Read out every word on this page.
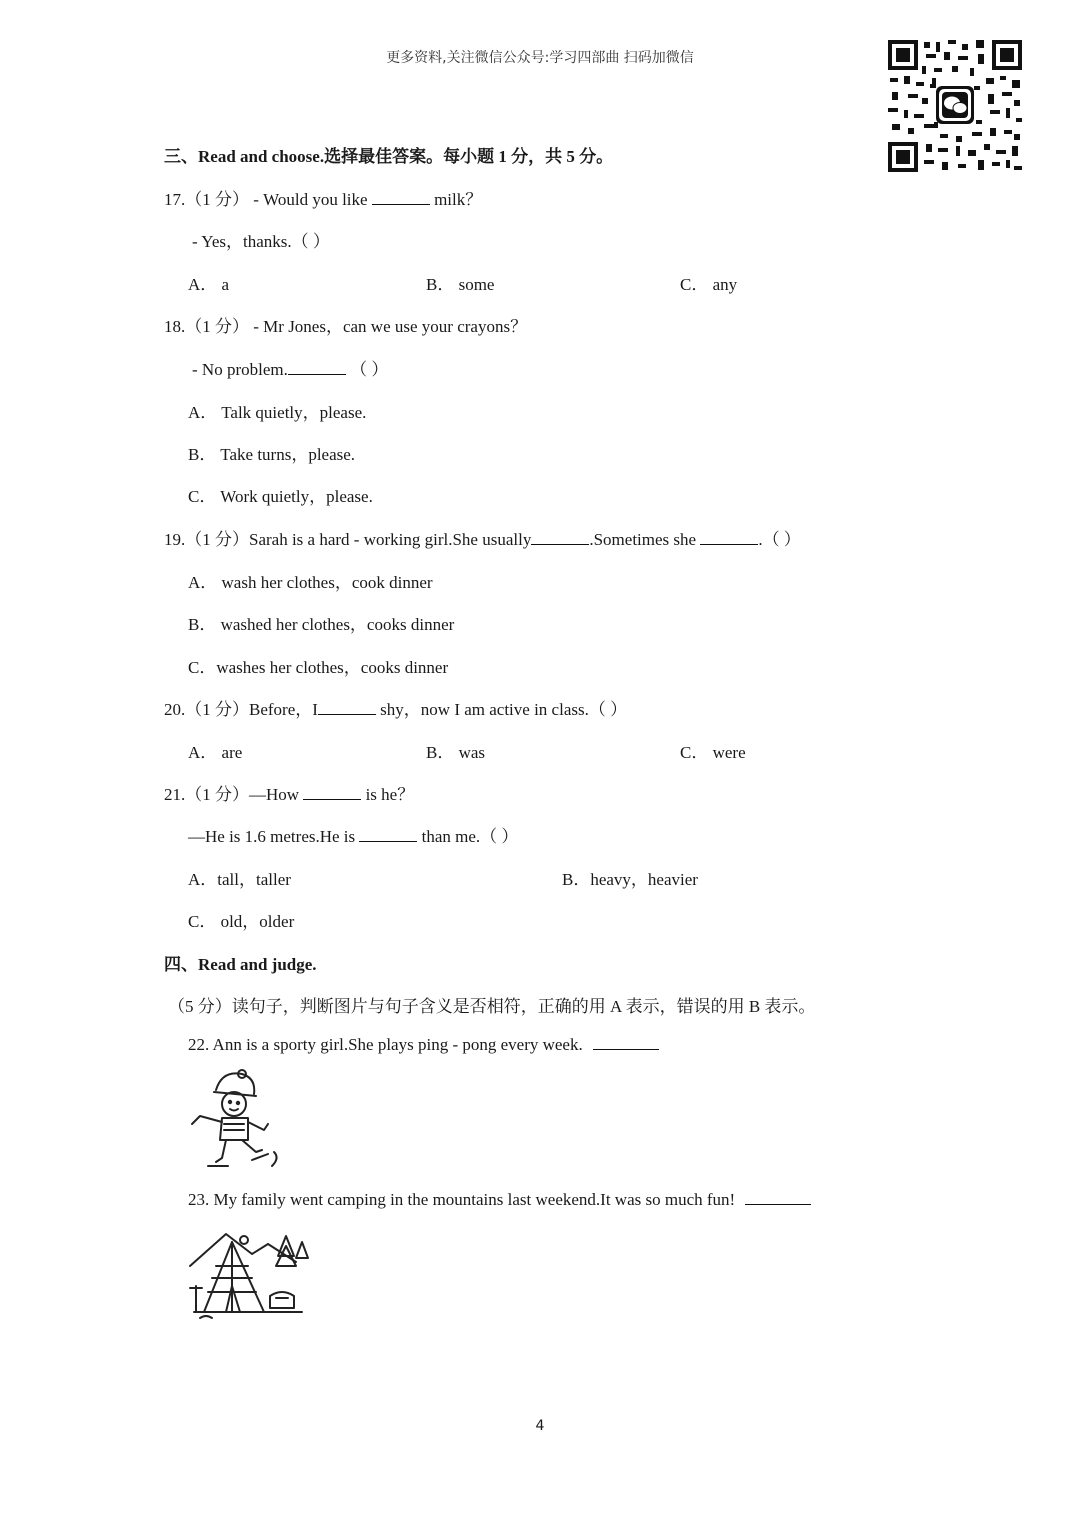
更多资料,关注微信公众号:学习四部曲 扫码加微信
三、Read and choose.选择最佳答案。每小题 1 分，共 5 分。
17.（1 分） - Would you like	milk？
- Yes，thanks.（ ）
A． a	B． some	C． any
18.（1 分） - Mr Jones，can we use your crayons？
- No problem.	（ ）
A． Talk quietly，please.
B． Take turns，please.
C． Work quietly，please.
19.（1 分）Sarah is a hard - working girl.She usually	.Sometimes she	.（ ）
A． wash her clothes，cook dinner
B． washed her clothes，cooks dinner
C．washes her clothes，cooks dinner
20.（1 分）Before，I	shy，now I am active in class.（ ）
A． are	B． was	C． were
21.（1 分）—How	is he？
—He is 1.6 metres.He is	than me.（ ）
A．tall，taller	B．heavy，heavier
C． old，older
四、Read and judge.
（5 分）读句子，判断图片与句子含义是否相符，正确的用 A 表示，错误的用 B 表示。
22. Ann is a sporty girl.She plays ping - pong every week.
23. My family went camping in the mountains last weekend.It was so much fun!
4
